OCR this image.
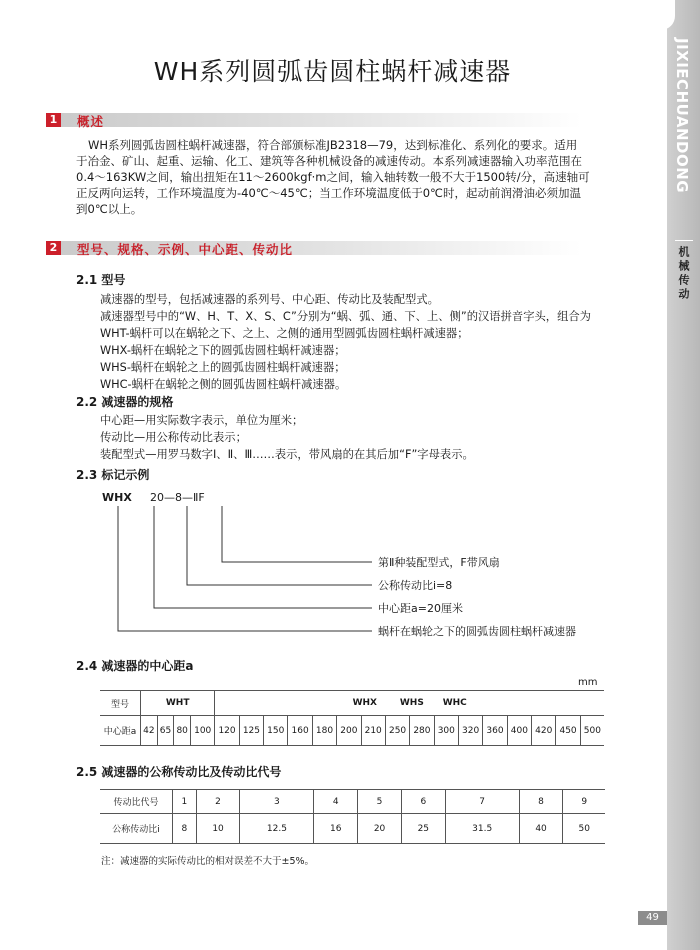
JIXIECHUANDONG
机械传动
WH系列圆弧齿圆柱蜗杆减速器
1 概述

WH系列圆弧齿圆柱蜗杆减速器，符合部颁标准JB2318—79，达到标准化、系列化的要求。适用

于冶金、矿山、起重、运输、化工、建筑等各种机械设备的减速传动。本系列减速器输入功率范围在

0.4～163KW之间，输出扭矩在11～2600kgf·m之间，输入轴转数一般不大于1500转/分，高速轴可

正反两向运转，工作环境温度为-40℃～45℃；当工作环境温度低于0℃时，起动前润滑油必须加温

到0℃以上。

2 型号、规格、示例、中心距、传动比
2.1 型号
减速器的型号，包括减速器的系列号、中心距、传动比及装配型式。
减速器型号中的“W、H、T、X、S、C”分别为“蜗、弧、通、下、上、侧”的汉语拼音字头，组合为
WHT-蜗杆可以在蜗轮之下、之上、之侧的通用型圆弧齿圆柱蜗杆减速器；
WHX-蜗杆在蜗轮之下的圆弧齿圆柱蜗杆减速器；
WHS-蜗杆在蜗轮之上的圆弧齿圆柱蜗杆减速器；
WHC-蜗杆在蜗轮之侧的圆弧齿圆柱蜗杆减速器。
2.2 减速器的规格
中心距—用实际数字表示，单位为厘米；
传动比—用公称传动比表示；
装配型式—用罗马数字Ⅰ、Ⅱ、Ⅲ……表示，带风扇的在其后加“F”字母表示。
2.3 标记示例
WHX 20—8—ⅡF
第Ⅱ种装配型式，F带风扇
公称传动比i=8
中心距a=20厘米
蜗杆在蜗轮之下的圆弧齿圆柱蜗杆减速器
2.4 减速器的中心距a
mm
型号	WHT				WHX WHS WHC															
中心距a	42	65	80	100	120	125	150	160	180	200	210	250	280	300	320	360	400	420	450	500
2.5 减速器的公称传动比及传动比代号
传动比代号	1	2	3	4	5	6	7	8	9
公称传动比i	8	10	12.5	16	20	25	31.5	40	50
注：减速器的实际传动比的相对误差不大于±5%。
49
